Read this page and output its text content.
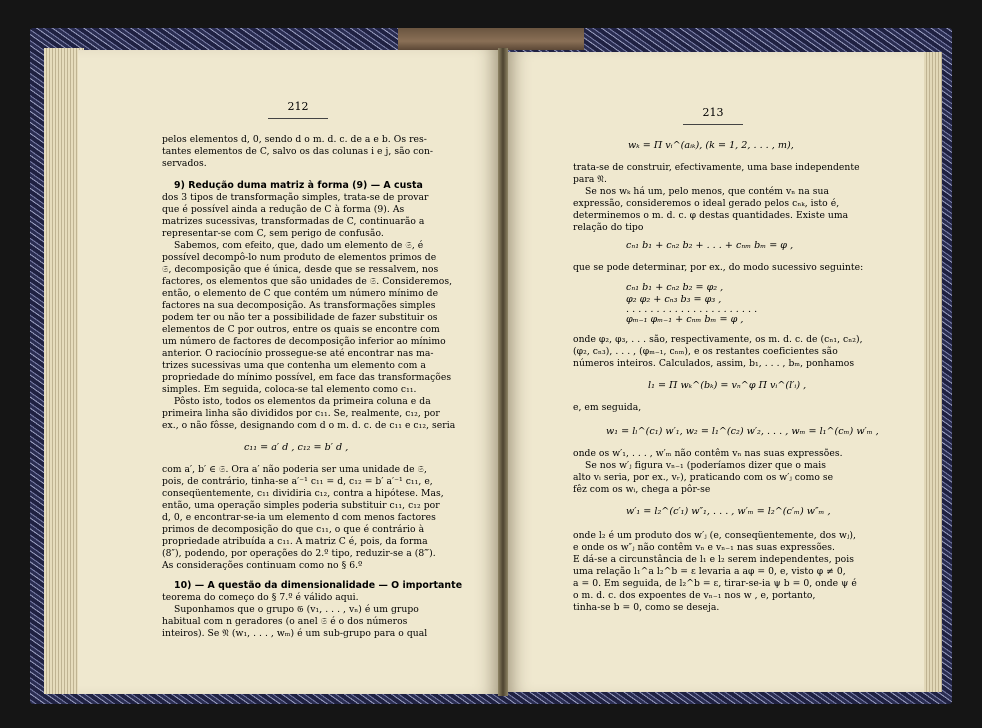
212
pelos elementos d, 0, sendo d o m. d. c. de a e b. Os res-
tantes elementos de C, salvo os das colunas i e j, são con-
servados.
9) Redução duma matriz à forma (9) — A custa
dos 3 tipos de transformação simples, trata-se de provar
que é possível ainda a redução de C à forma (9). As
matrizes sucessivas, transformadas de C, continuarão a
representar-se com C, sem perigo de confusão.
Sabemos, com efeito, que, dado um elemento de 𝔖, é
possível decompô-lo num produto de elementos primos de
𝔖, decomposição que é única, desde que se ressalvem, nos
factores, os elementos que são unidades de 𝔖. Consideremos,
então, o elemento de C que contém um número mínimo de
factores na sua decomposição. As transformações simples
podem ter ou não ter a possibilidade de fazer substituir os
elementos de C por outros, entre os quais se encontre com
um número de factores de decomposição inferior ao mínimo
anterior. O raciocínio prossegue-se até encontrar nas ma-
trizes sucessivas uma que contenha um elemento com a
propriedade do mínimo possível, em face das transformações
simples. Em seguida, coloca-se tal elemento como c₁₁.
Pôsto isto, todos os elementos da primeira coluna e da
primeira linha são divididos por c₁₁. Se, realmente, c₁₂, por
ex., o não fôsse, designando com d o m. d. c. de c₁₁ e c₁₂, seria
c₁₁ = a′ d , c₁₂ = b′ d ,
com a′, b′ ∈ 𝔖. Ora a′ não poderia ser uma unidade de 𝔖,
pois, de contrário, tinha-se a′⁻¹ c₁₁ = d, c₁₂ = b′ a′⁻¹ c₁₁, e,
conseqüentemente, c₁₁ dividiria c₁₂, contra a hipótese. Mas,
então, uma operação simples poderia substituir c₁₁, c₁₂ por
d, 0, e encontrar-se-ia um elemento d com menos factores
primos de decomposição do que c₁₁, o que é contrário à
propriedade atribuída a c₁₁. A matriz C é, pois, da forma
(8″), podendo, por operações do 2.º tipo, reduzir-se a (8‴).
As considerações continuam como no § 6.º
10) — A questão da dimensionalidade — O importante
teorema do começo do § 7.º é válido aqui.
Suponhamos que o grupo 𝔊 (v₁, . . . , vₙ) é um grupo
habitual com n geradores (o anel 𝔖 é o dos números
inteiros). Se 𝔑 (w₁, . . . , wₘ) é um sub-grupo para o qual
213
wₖ = Π vᵢ^(aᵢₖ), (k = 1, 2, . . . , m),
trata-se de construir, efectivamente, uma base independente
para 𝔑.
Se nos wₖ há um, pelo menos, que contém vₙ na sua
expressão, consideremos o ideal gerado pelos cₙₖ, isto é,
determinemos o m. d. c. φ destas quantidades. Existe uma
relação do tipo
cₙ₁ b₁ + cₙ₂ b₂ + . . . + cₙₘ bₘ = φ ,
que se pode determinar, por ex., do modo sucessivo seguinte:
cₙ₁ b₁ + cₙ₂ b₂ = φ₂ ,
φ₂ φ₂ + cₙ₃ b₃ = φ₃ ,
. . . . . . . . . . . . . . . . . . . . . .
φₘ₋₁ φₘ₋₁ + cₙₘ bₘ = φ ,
onde φ₂, φ₃, . . . são, respectivamente, os m. d. c. de (cₙ₁, cₙ₂),
(φ₂, cₙ₃), . . . , (φₘ₋₁, cₙₘ), e os restantes coeficientes são
números inteiros. Calculados, assim, b₁, . . . , bₘ, ponhamos
l₁ = Π wₖ^(bₖ) = vₙ^φ Π vᵢ^(l′ᵢ) ,
e, em seguida,
w₁ = lₗ^(c₁) w′₁, w₂ = l₁^(c₂) w′₂, . . . , wₘ = l₁^(cₘ) w′ₘ ,
onde os w′₁, . . . , w′ₘ não contêm vₙ nas suas expressões.
Se nos w′ⱼ figura vₙ₋₁ (poderíamos dizer que o mais
alto vᵢ seria, por ex., vᵣ), praticando com os w′ⱼ como se
fêz com os wᵢ, chega a pôr-se
w′₁ = l₂^(c′₁) w″₁, . . . , w′ₘ = l₂^(c′ₘ) w″ₘ ,
onde l₂ é um produto dos w′ⱼ (e, conseqüentemente, dos wⱼ),
e onde os w″ⱼ não contêm vₙ e vₙ₋₁ nas suas expressões.
E dá-se a circunstância de l₁ e l₂ serem independentes, pois
uma relação l₁^a l₂^b = ε levaria a aφ = 0, e, visto φ ≠ 0,
a = 0. Em seguida, de l₂^b = ε, tirar-se-ia ψ b = 0, onde ψ é
o m. d. c. dos expoentes de vₙ₋₁ nos w , e, portanto,
tinha-se b = 0, como se deseja.
